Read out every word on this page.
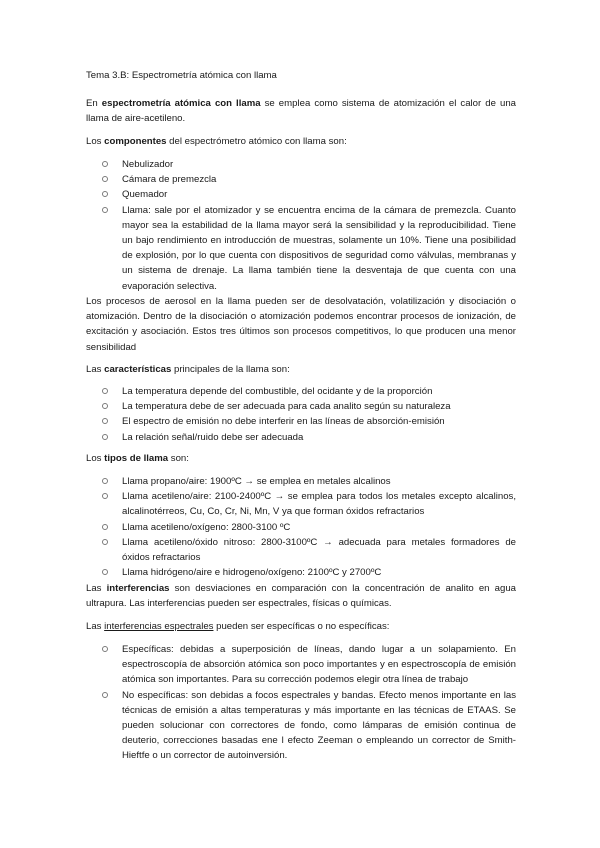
Tema 3.B: Espectrometría atómica con llama

En espectrometría atómica con llama se emplea como sistema de atomización el calor de una llama de aire-acetileno.

Los componentes del espectrómetro atómico con llama son:

Nebulizador
Cámara de premezcla
Quemador
Llama: sale por el atomizador y se encuentra encima de la cámara de premezcla. Cuanto mayor sea la estabilidad de la llama mayor será la sensibilidad y la reproducibilidad. Tiene un bajo rendimiento en introducción de muestras, solamente un 10%. Tiene una posibilidad de explosión, por lo que cuenta con dispositivos de seguridad como válvulas, membranas y un sistema de drenaje. La llama también tiene la desventaja de que cuenta con una evaporación selectiva.

Los procesos de aerosol en la llama pueden ser de desolvatación, volatilización y disociación o atomización. Dentro de la disociación o atomización podemos encontrar procesos de ionización, de excitación y asociación. Estos tres últimos son procesos competitivos, lo que producen una menor sensibilidad

Las características principales de la llama son:

La temperatura depende del combustible, del ocidante y de la proporción
La temperatura debe de ser adecuada para cada analito según su naturaleza
El espectro de emisión no debe interferir en las líneas de absorción-emisión
La relación señal/ruido debe ser adecuada

Los tipos de llama son:

Llama propano/aire: 1900ºC → se emplea en metales alcalinos
Llama acetileno/aire: 2100-2400ºC → se emplea para todos los metales excepto alcalinos, alcalinotérreos, Cu, Co, Cr, Ni, Mn, V ya que forman óxidos refractarios
Llama acetileno/oxígeno: 2800-3100 ºC
Llama acetileno/óxido nitroso: 2800-3100ºC → adecuada para metales formadores de óxidos refractarios
Llama hidrógeno/aire e hidrogeno/oxígeno: 2100ºC y 2700ºC

Las interferencias son desviaciones en comparación con la concentración de analito en agua ultrapura. Las interferencias pueden ser espectrales, físicas o químicas.

Las interferencias espectrales pueden ser específicas o no específicas:

Específicas: debidas a superposición de líneas, dando lugar a un solapamiento. En espectroscopía de absorción atómica son poco importantes y en espectroscopía de emisión atómica son importantes. Para su corrección podemos elegir otra línea de trabajo
No específicas: son debidas a focos espectrales y bandas. Efecto menos importante en las técnicas de emisión a altas temperaturas y más importante en las técnicas de ETAAS. Se pueden solucionar con correctores de fondo, como lámparas de emisión continua de deuterio, correcciones basadas ene l efecto Zeeman o empleando un corrector de Smith-Hieftfe o un corrector de autoinversión.
